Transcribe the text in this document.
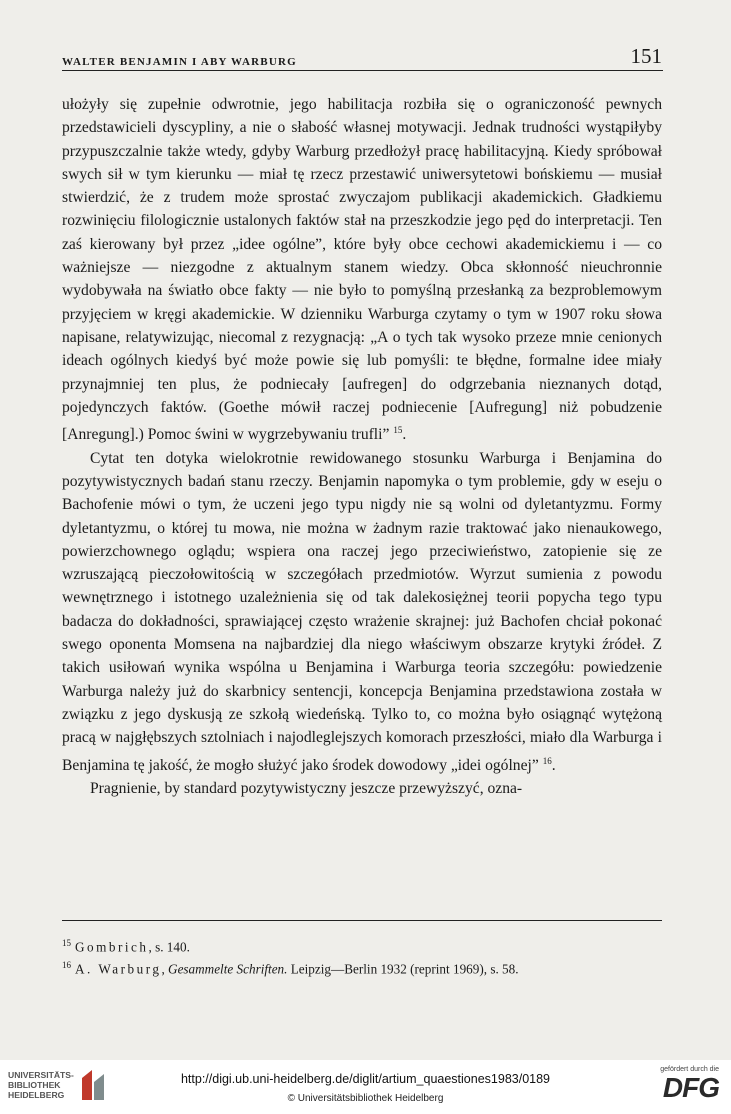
WALTER BENJAMIN I ABY WARBURG	151

ułożyły się zupełnie odwrotnie, jego habilitacja rozbiła się o ograniczoność pewnych przedstawicieli dyscypliny, a nie o słabość własnej motywacji. Jednak trudności wystąpiłyby przypuszczalnie także wtedy, gdyby Warburg przedłożył pracę habilitacyjną. Kiedy spróbował swych sił w tym kierunku — miał tę rzecz przestawić uniwersytetowi bońskiemu — musiał stwierdzić, że z trudem może sprostać zwyczajom publikacji akademickich. Gładkiemu rozwinięciu filologicznie ustalonych faktów stał na przeszkodzie jego pęd do interpretacji. Ten zaś kierowany był przez „idee ogólne”, które były obce cechowi akademickiemu i — co ważniejsze — niezgodne z aktualnym stanem wiedzy. Obca skłonność nieuchronnie wydobywała na światło obce fakty — nie było to pomyślną przesłanką za bezproblemowym przyjęciem w kręgi akademickie. W dzienniku Warburga czytamy o tym w 1907 roku słowa napisane, relatywizując, niecomal z rezygnacją: „A o tych tak wysoko przeze mnie cenionych ideach ogólnych kiedyś być może powie się lub pomyśli: te błędne, formalne idee miały przynajmniej ten plus, że podniecały [aufregen] do odgrzebania nieznanych dotąd, pojedynczych faktów. (Goethe mówił raczej podniecenie [Aufregung] niż pobudzenie [Anregung].) Pomoc świni w wygrzebywaniu trufli” $^{15}$.

Cytat ten dotyka wielokrotnie rewidowanego stosunku Warburga i Benjamina do pozytywistycznych badań stanu rzeczy. Benjamin napomyka o tym problemie, gdy w eseju o Bachofenie mówi o tym, że uczeni jego typu nigdy nie są wolni od dyletantyzmu. Formy dyletantyzmu, o której tu mowa, nie można w żadnym razie traktować jako nienaukowego, powierzchownego oglądu; wspiera ona raczej jego przeciwieństwo, zatopienie się ze wzruszającą pieczołowitością w szczegółach przedmiotów. Wyrzut sumienia z powodu wewnętrznego i istotnego uzależnienia się od tak dalekosiężnej teorii popycha tego typu badacza do dokładności, sprawiającej często wrażenie skrajnej: już Bachofen chciał pokonać swego oponenta Momsena na najbardziej dla niego właściwym obszarze krytyki źródeł. Z takich usiłowań wynika wspólna u Benjamina i Warburga teoria szczegółu: powiedzenie Warburga należy już do skarbnicy sentencji, koncepcja Benjamina przedstawiona została w związku z jego dyskusją ze szkołą wiedeńską. Tylko to, co można było osiągnąć wytężoną pracą w najgłębszych sztolniach i najodleglejszych komorach przeszłości, miało dla Warburga i Benjamina tę jakość, że mogło służyć jako środek dowodowy „idei ogólnej” $^{16}$.

Pragnienie, by standard pozytywistyczny jeszcze przewyższyć, ozna-

$^{15}$ Gombrich, s. 140.

$^{16}$ A. Warburg, Gesammelte Schriften. Leipzig—Berlin 1932 (reprint 1969), s. 58.

UNIVERSITÄTS-
BIBLIOTHEK
HEIDELBERG
http://digi.ub.uni-heidelberg.de/diglit/artium_quaestiones1983/0189
© Universitätsbibliothek Heidelberg
gefördert durch die
DFG
